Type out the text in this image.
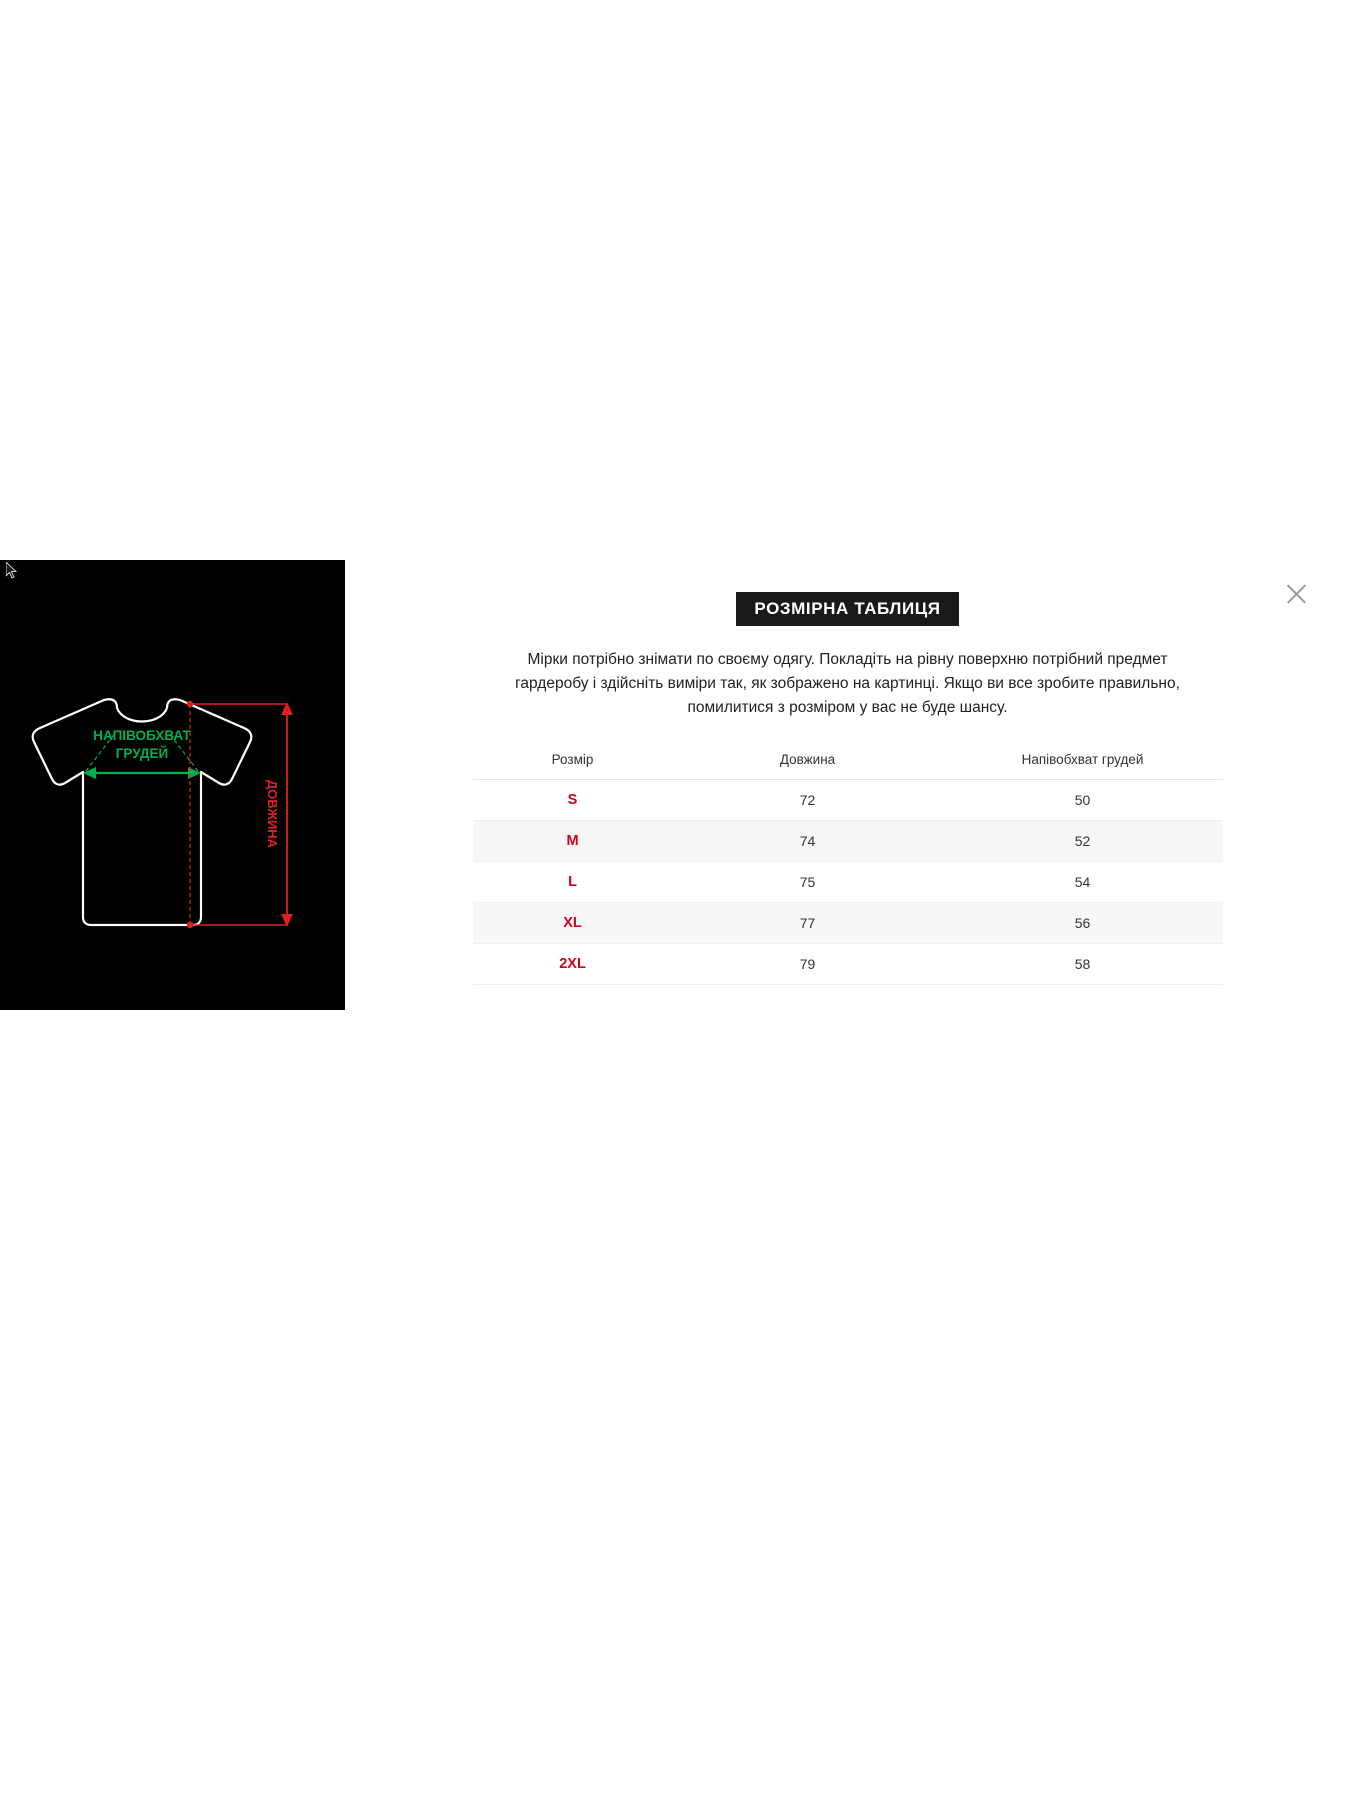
НАПІВОБХВАТ
ГРУДЕЙ
ДОВЖИНА
РОЗМІРНА ТАБЛИЦЯ
Мірки потрібно знімати по своєму одягу. Покладіть на рівну поверхню потрібний предмет гардеробу і здійсніть виміри так, як зображено на картинці. Якщо ви все зробите правильно, помилитися з розміром у вас не буде шансу.
Розмір	Довжина	Напівобхват грудей
S	72	50
M	74	52
L	75	54
XL	77	56
2XL	79	58
